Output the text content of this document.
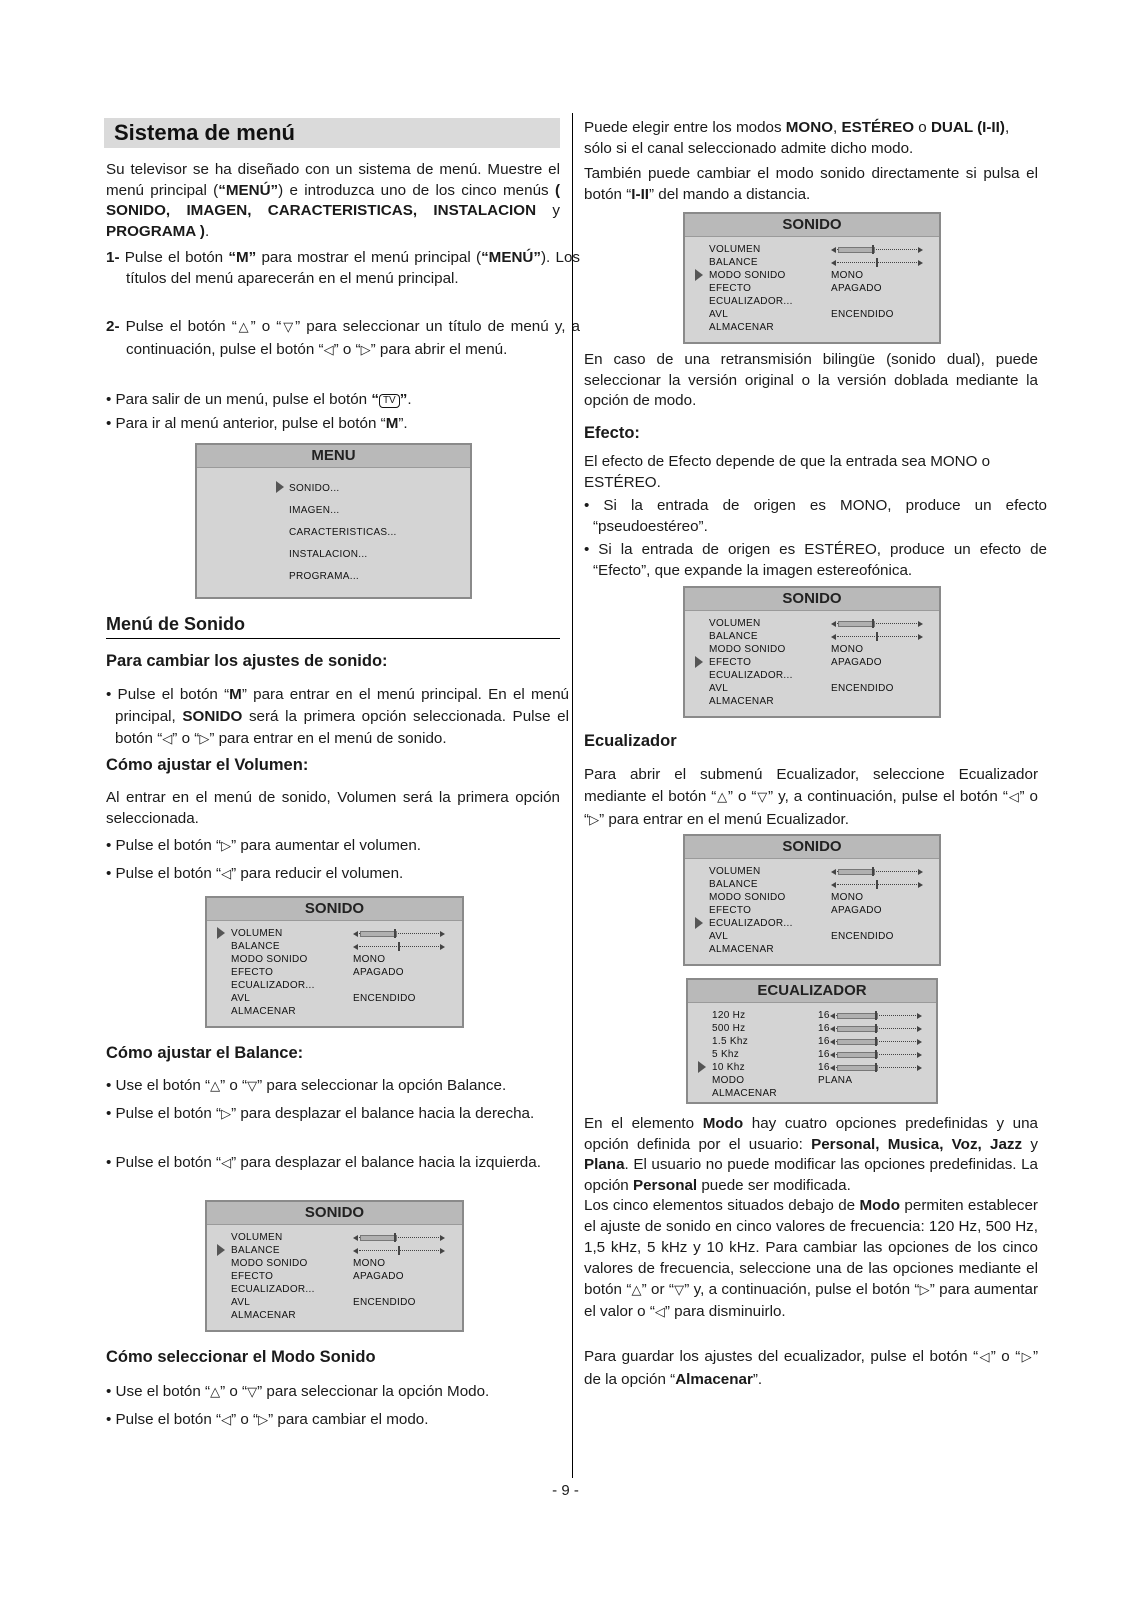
Sistema de menú
Su televisor se ha diseñado con un sistema de menú. Muestre el menú principal (“MENÚ”) e introduzca uno de los cinco menús ( SONIDO, IMAGEN, CARACTERISTICAS, INSTALACION y PROGRAMA ).
1- Pulse el botón “M” para mostrar el menú principal (“MENÚ”). Los títulos del menú aparecerán en el menú principal.
2- Pulse el botón “△” o “▽” para seleccionar un título de menú y, a continuación, pulse el botón “◁” o “▷” para abrir el menú.
• Para salir de un menú, pulse el botón “ TV ”.
• Para ir al menú anterior, pulse el botón “M”.
MENU
SONIDO...
IMAGEN...
CARACTERISTICAS...
INSTALACION...
PROGRAMA...
Menú de Sonido
Para cambiar los ajustes de sonido:
• Pulse el botón “M” para entrar en el menú principal. En el menú principal, SONIDO será la primera opción seleccionada. Pulse el botón “◁” o “▷” para entrar en el menú de sonido.
Cómo ajustar el Volumen:
Al entrar en el menú de sonido, Volumen será la primera opción seleccionada.
• Pulse el botón “▷” para aumentar el volumen.
• Pulse el botón “◁” para reducir el volumen.
SONIDO
VOLUMEN
BALANCE
MODO SONIDO	MONO
EFECTO	APAGADO
ECUALIZADOR...
AVL	ENCENDIDO
ALMACENAR
Cómo ajustar el Balance:
• Use el botón “△” o “▽” para seleccionar la opción Balance.
• Pulse el botón “▷” para desplazar el balance hacia la derecha.
• Pulse el botón “◁” para desplazar el balance hacia la izquierda.
SONIDO
VOLUMEN
BALANCE
MODO SONIDO	MONO
EFECTO	APAGADO
ECUALIZADOR...
AVL	ENCENDIDO
ALMACENAR
Cómo seleccionar el Modo Sonido
• Use el botón “△” o “▽” para seleccionar la opción Modo.
• Pulse el botón “◁” o “▷” para cambiar el modo.
Puede elegir entre los modos MONO, ESTÉREO o DUAL (I-II), sólo si el canal seleccionado admite dicho modo.
También puede cambiar el modo sonido directamente si pulsa el botón “I-II” del mando a distancia.
SONIDO
VOLUMEN
BALANCE
MODO SONIDO	MONO
EFECTO	APAGADO
ECUALIZADOR...
AVL	ENCENDIDO
ALMACENAR
En caso de una retransmisión bilingüe (sonido dual), puede seleccionar la versión original o la versión doblada mediante la opción de modo.
Efecto:
El efecto de Efecto depende de que la entrada sea MONO o ESTÉREO.
• Si la entrada de origen es MONO, produce un efecto “pseudoestéreo”.
• Si la entrada de origen es ESTÉREO, produce un efecto de “Efecto”, que expande la imagen estereofónica.
SONIDO
VOLUMEN
BALANCE
MODO SONIDO	MONO
EFECTO	APAGADO
ECUALIZADOR...
AVL	ENCENDIDO
ALMACENAR
Ecualizador
Para abrir el submenú Ecualizador, seleccione Ecualizador mediante el botón “△” o “▽” y, a continuación, pulse el botón “◁” o “▷” para entrar en el menú Ecualizador.
SONIDO
VOLUMEN
BALANCE
MODO SONIDO	MONO
EFECTO	APAGADO
ECUALIZADOR...
AVL	ENCENDIDO
ALMACENAR
ECUALIZADOR
120 Hz	16
500 Hz	16
1.5 Khz	16
5 Khz	16
10 Khz	16
MODO	PLANA
ALMACENAR
En el elemento Modo hay cuatro opciones predefinidas y una opción definida por el usuario: Personal, Musica, Voz, Jazz y Plana. El usuario no puede modificar las opciones predefinidas. La opción Personal puede ser modificada.
Los cinco elementos situados debajo de Modo permiten establecer el ajuste de sonido en cinco valores de frecuencia: 120 Hz, 500 Hz, 1,5 kHz, 5 kHz y 10 kHz. Para cambiar las opciones de los cinco valores de frecuencia, seleccione una de las opciones mediante el botón “△” or “▽” y, a continuación, pulse el botón “▷” para aumentar el valor o “◁” para disminuirlo.
Para guardar los ajustes del ecualizador, pulse el botón “◁” o “▷” de la opción “Almacenar”.
- 9 -
